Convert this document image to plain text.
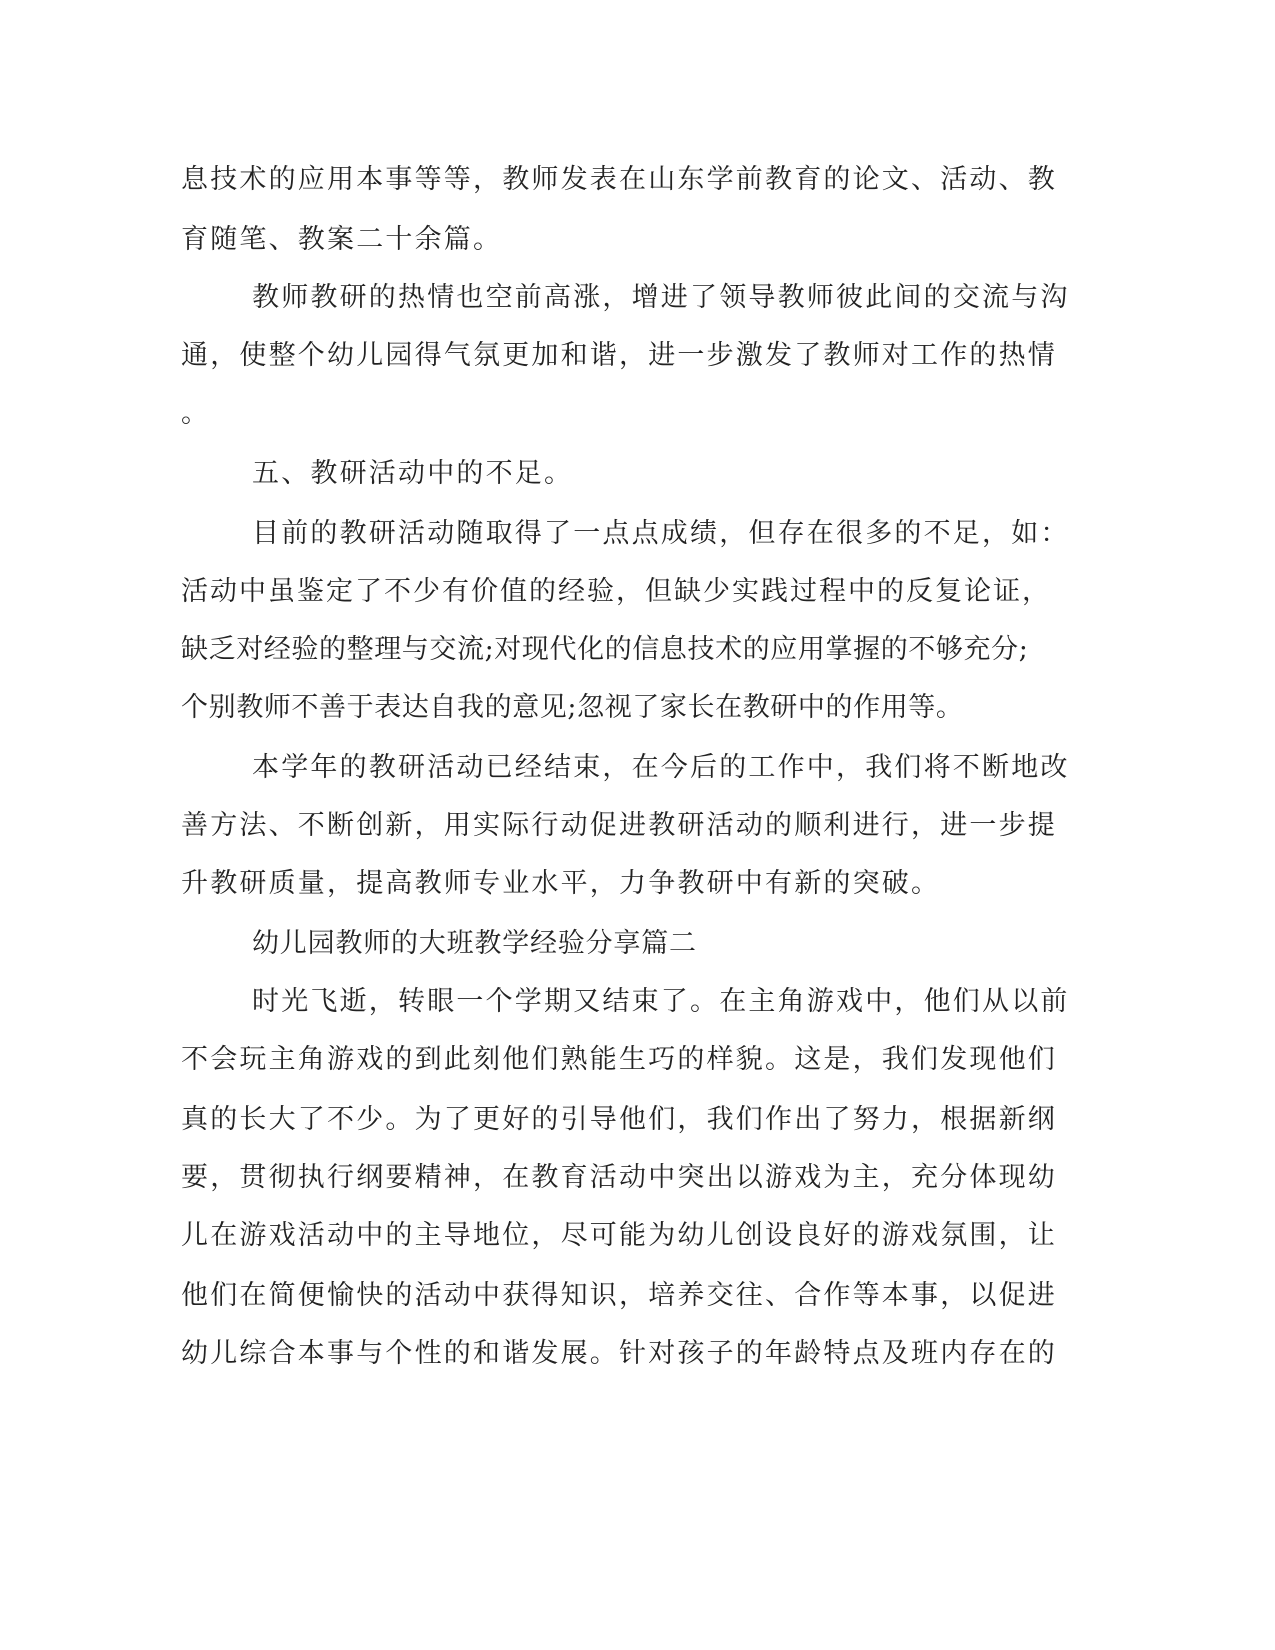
息技术的应用本事等等，教师发表在山东学前教育的论文、活动、教

育随笔、教案二十余篇。

教师教研的热情也空前高涨，增进了领导教师彼此间的交流与沟

通，使整个幼儿园得气氛更加和谐，进一步激发了教师对工作的热情

。

五、教研活动中的不足。

目前的教研活动随取得了一点点成绩，但存在很多的不足，如：

活动中虽鉴定了不少有价值的经验，但缺少实践过程中的反复论证，

缺乏对经验的整理与交流;对现代化的信息技术的应用掌握的不够充分;

个别教师不善于表达自我的意见;忽视了家长在教研中的作用等。

本学年的教研活动已经结束，在今后的工作中，我们将不断地改

善方法、不断创新，用实际行动促进教研活动的顺利进行，进一步提

升教研质量，提高教师专业水平，力争教研中有新的突破。

幼儿园教师的大班教学经验分享篇二

时光飞逝，转眼一个学期又结束了。在主角游戏中，他们从以前

不会玩主角游戏的到此刻他们熟能生巧的样貌。这是，我们发现他们

真的长大了不少。为了更好的引导他们，我们作出了努力，根据新纲

要，贯彻执行纲要精神，在教育活动中突出以游戏为主，充分体现幼

儿在游戏活动中的主导地位，尽可能为幼儿创设良好的游戏氛围，让

他们在简便愉快的活动中获得知识，培养交往、合作等本事，以促进

幼儿综合本事与个性的和谐发展。针对孩子的年龄特点及班内存在的
